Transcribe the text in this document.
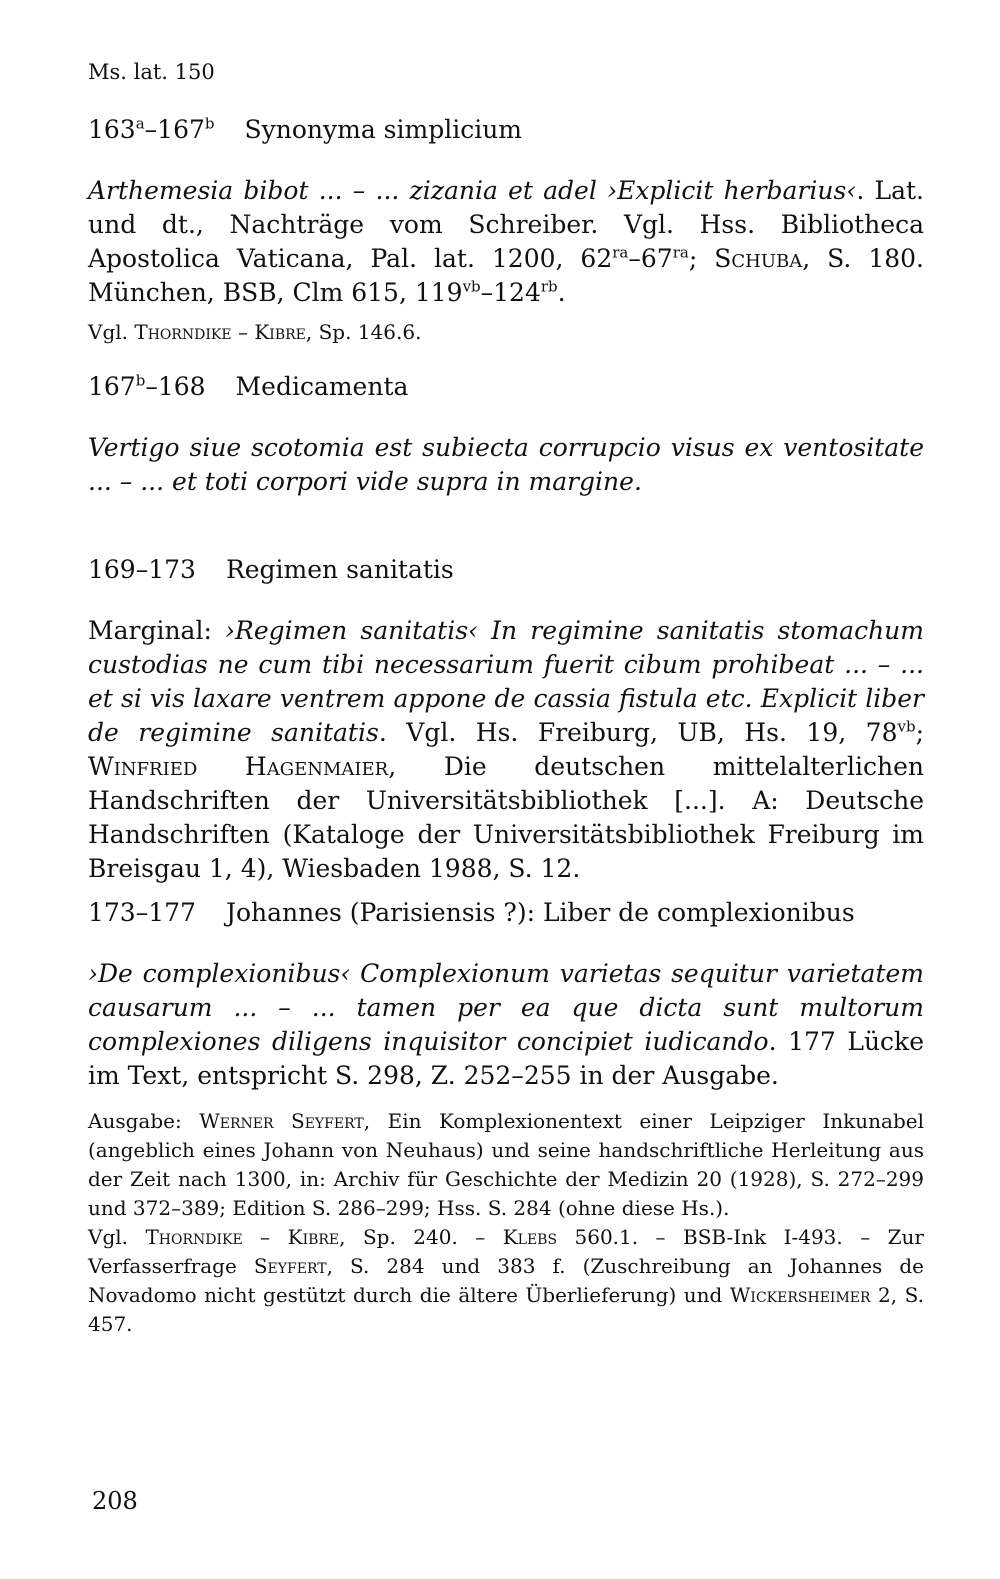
Ms. lat. 150
163$^a$–167$^b$ Synonyma simplicium
Arthemesia bibot ... – ... zizania et adel ›Explicit herbarius‹. Lat. und dt., Nachträge vom Schreiber. Vgl. Hss. Bibliotheca Apostolica Vaticana, Pal. lat. 1200, $62^{ra}-67^{ra}$; Schuba, S. 180. München, BSB, Clm 615, $119^{vb}-124^{rb}$.
Vgl. Thorndike – Kibre, Sp. 146.6.
167$^b$–168 Medicamenta
Vertigo siue scotomia est subiecta corrupcio visus ex ventositate ... – ... et toti corpori vide supra in margine.
169–173 Regimen sanitatis
Marginal: ›Regimen sanitatis‹ In regimine sanitatis stomachum custodias ne cum tibi necessarium fuerit cibum prohibeat ... – ... et si vis laxare ventrem appone de cassia fistula etc. Explicit liber de regimine sanitatis. Vgl. Hs. Freiburg, UB, Hs. 19, $78^{vb}$; Winfried Hagenmaier, Die deutschen mittelalterlichen Handschriften der Universitätsbibliothek [...]. A: Deutsche Handschriften (Kataloge der Universitätsbibliothek Freiburg im Breisgau 1, 4), Wiesbaden 1988, S. 12.
173–177 Johannes (Parisiensis ?): Liber de complexionibus
›De complexionibus‹ Complexionum varietas sequitur varietatem causarum ... – ... tamen per ea que dicta sunt multorum complexiones diligens inquisitor concipiet iudicando. 177 Lücke im Text, entspricht S. 298, Z. 252–255 in der Ausgabe.
Ausgabe: Werner Seyfert, Ein Komplexionentext einer Leipziger Inkunabel (angeblich eines Johann von Neuhaus) und seine handschriftliche Herleitung aus der Zeit nach 1300, in: Archiv für Geschichte der Medizin 20 (1928), S. 272–299 und 372–389; Edition S. 286–299; Hss. S. 284 (ohne diese Hs.).
Vgl. Thorndike – Kibre, Sp. 240. – Klebs 560.1. – BSB-Ink I-493. – Zur Verfasserfrage Seyfert, S. 284 und 383 f. (Zuschreibung an Johannes de Novadomo nicht gestützt durch die ältere Überlieferung) und Wickersheimer 2, S. 457.
208
